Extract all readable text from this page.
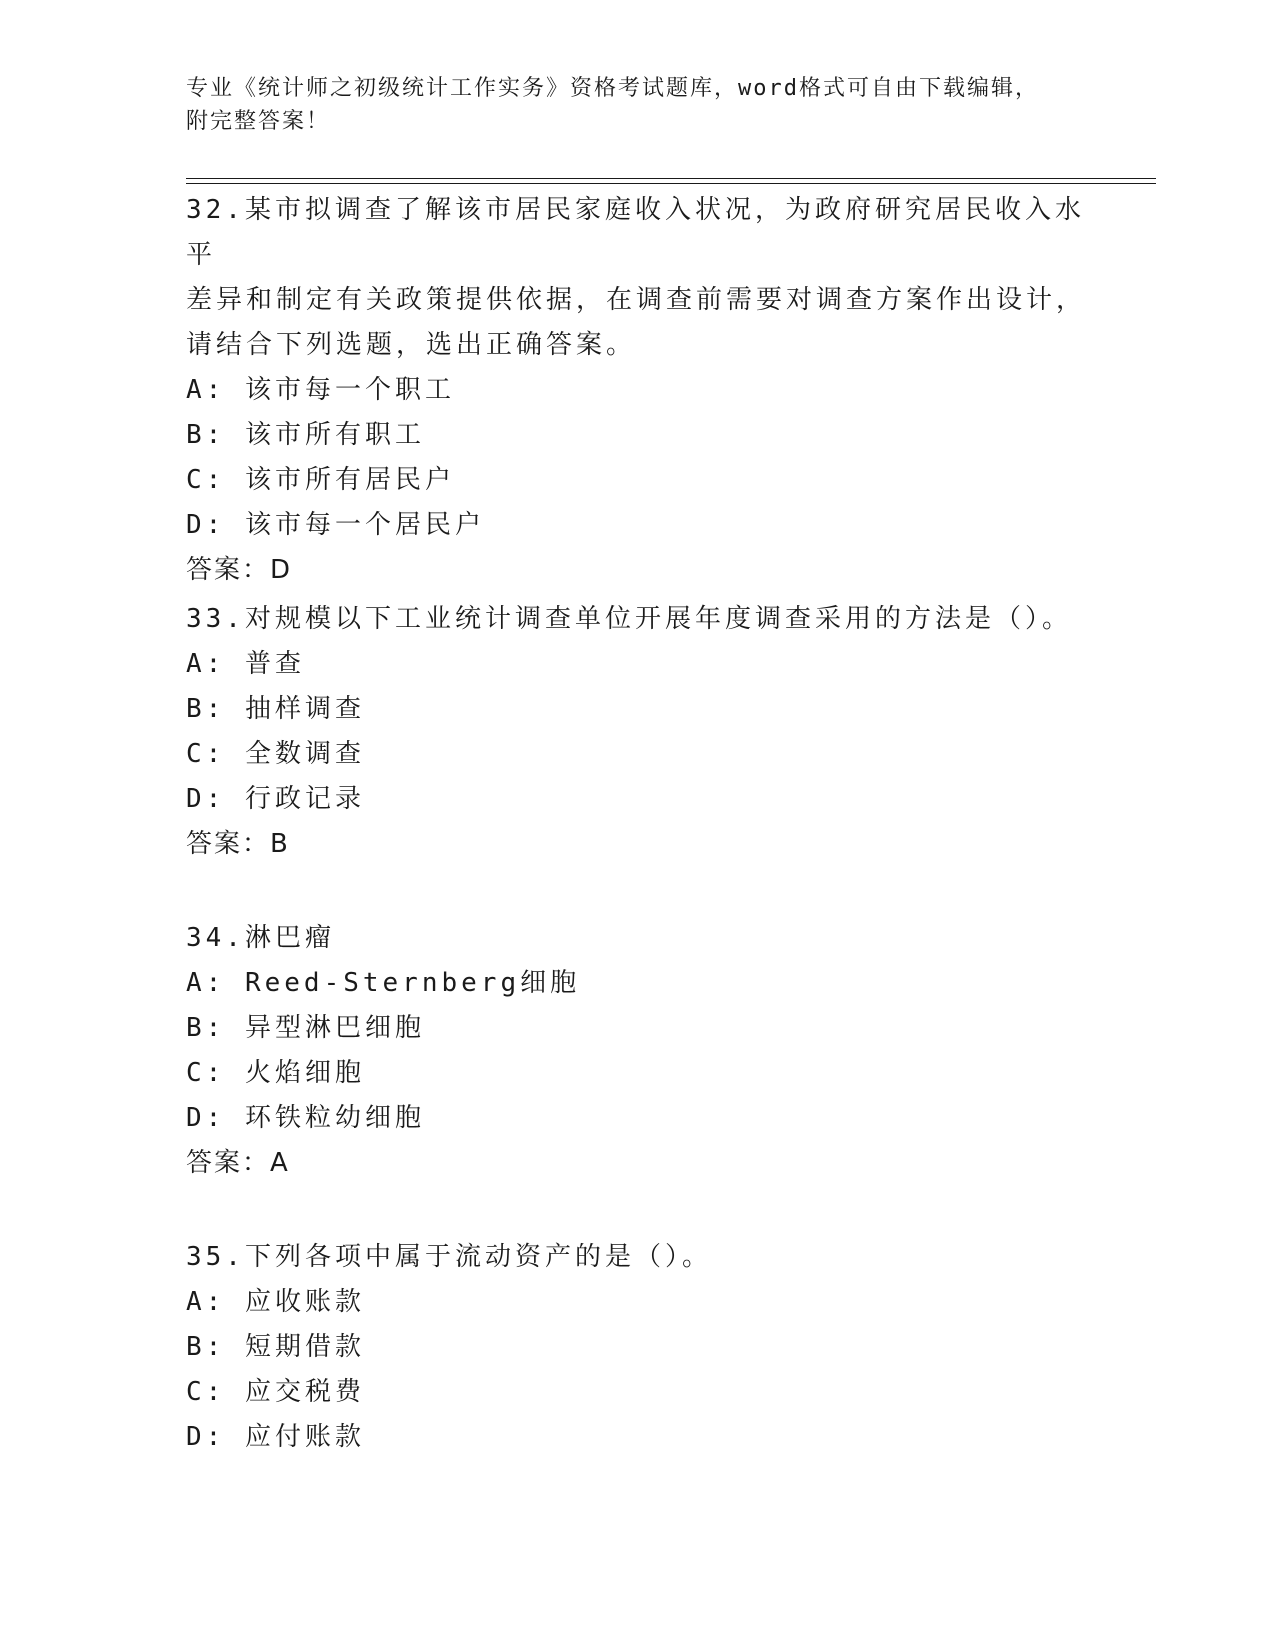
专业《统计师之初级统计工作实务》资格考试题库，word格式可自由下载编辑，
附完整答案！
32.某市拟调查了解该市居民家庭收入状况，为政府研究居民收入水平
差异和制定有关政策提供依据，在调查前需要对调查方案作出设计，
请结合下列选题，选出正确答案。
A: 该市每一个职工
B: 该市所有职工
C: 该市所有居民户
D: 该市每一个居民户
答案：D
33.对规模以下工业统计调查单位开展年度调查采用的方法是（）。
A: 普查
B: 抽样调查
C: 全数调查
D: 行政记录
答案：B
34.淋巴瘤
A: Reed-Sternberg细胞
B: 异型淋巴细胞
C: 火焰细胞
D: 环铁粒幼细胞
答案：A
35.下列各项中属于流动资产的是（）。
A: 应收账款
B: 短期借款
C: 应交税费
D: 应付账款
